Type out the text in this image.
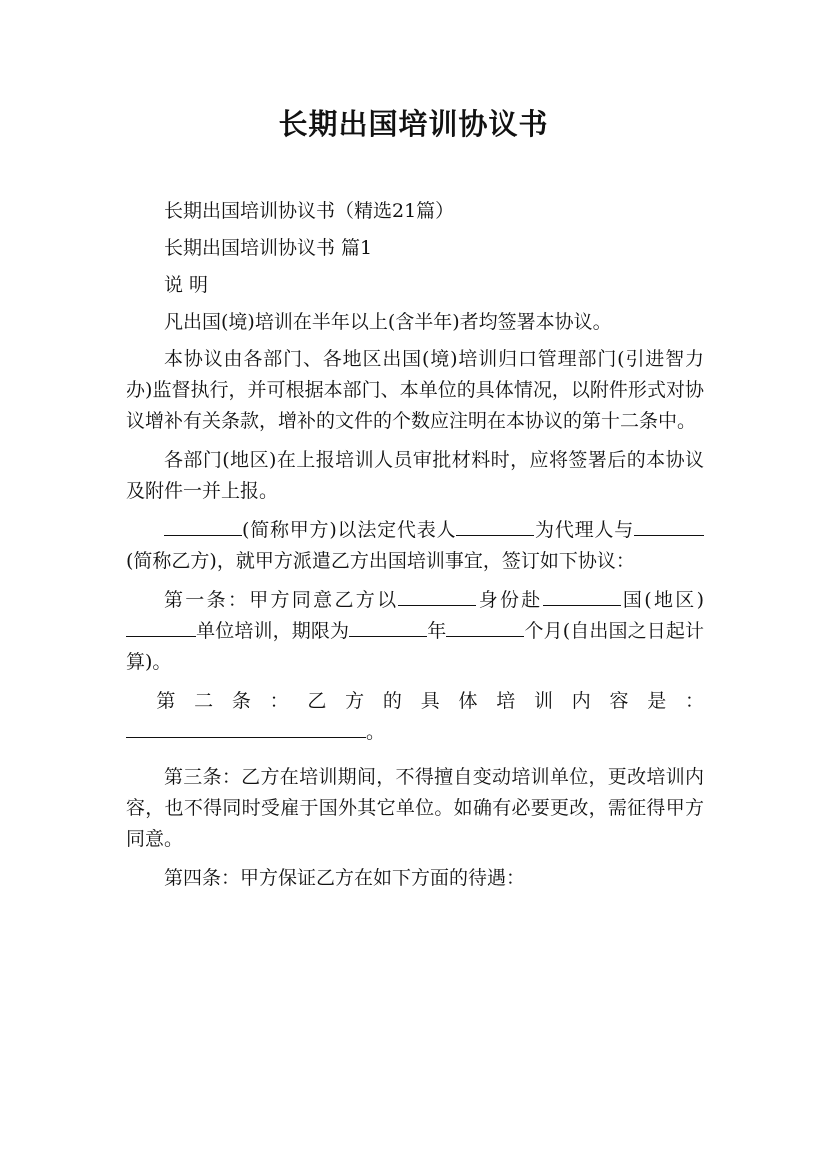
长期出国培训协议书

长期出国培训协议书（精选21篇）

长期出国培训协议书 篇1

说 明

凡出国(境)培训在半年以上(含半年)者均签署本协议。

本协议由各部门、各地区出国(境)培训归口管理部门(引进智力办)监督执行，并可根据本部门、本单位的具体情况，以附件形式对协议增补有关条款，增补的文件的个数应注明在本协议的第十二条中。

各部门(地区)在上报培训人员审批材料时，应将签署后的本协议及附件一并上报。

(简称甲方)以法定代表人	为代理人与(简称乙方)，就甲方派遣乙方出国培训事宜，签订如下协议：

第一条：甲方同意乙方以	身份赴	国(地区)单位培训，期限为	年	个月(自出国之日起计算)。

第 二 条 ： 乙 方 的 具 体 培 训 内 容 是 ：

。

第三条：乙方在培训期间，不得擅自变动培训单位，更改培训内容，也不得同时受雇于国外其它单位。如确有必要更改，需征得甲方同意。

第四条：甲方保证乙方在如下方面的待遇：
